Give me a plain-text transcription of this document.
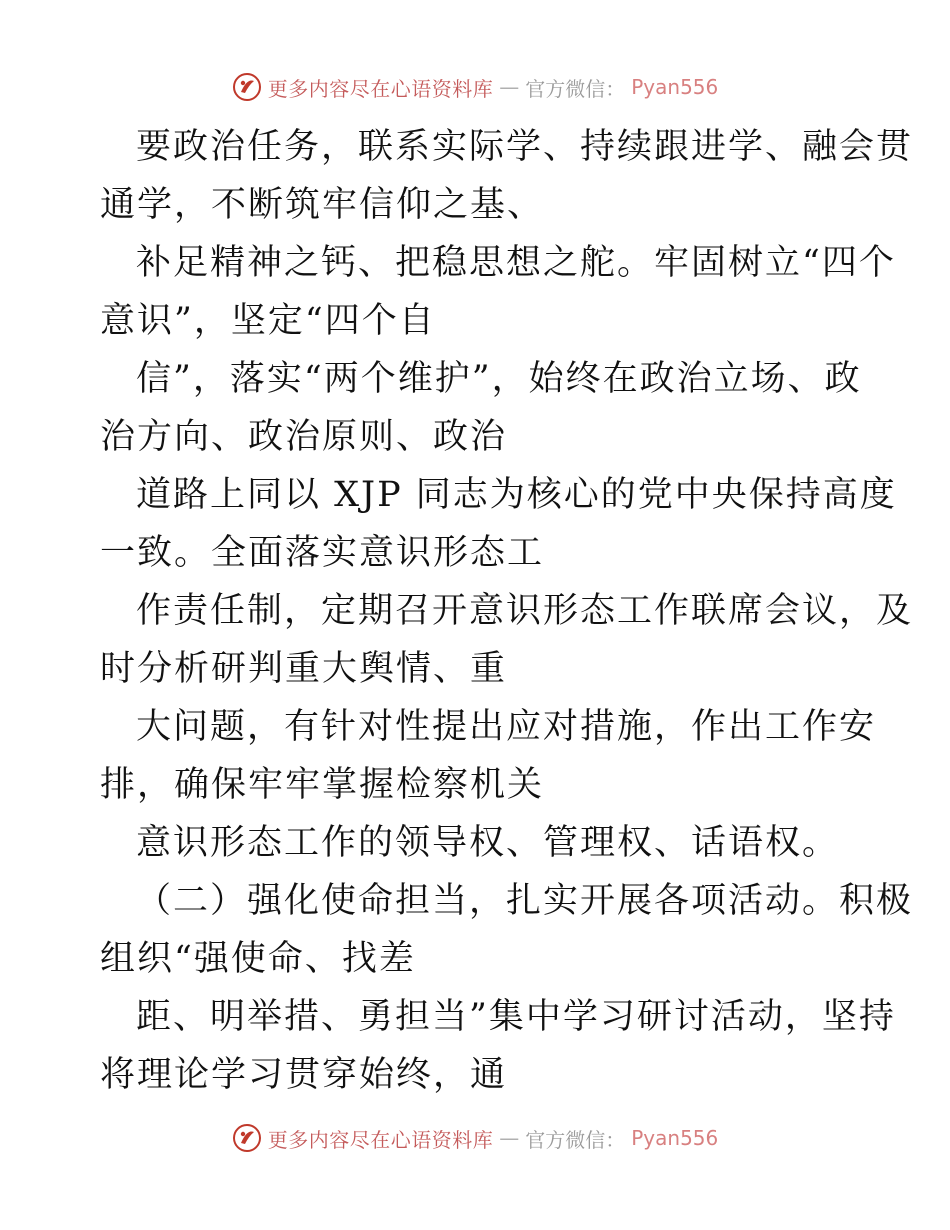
更多内容尽在心语资料库 — 官方微信： Pyan556
要政治任务，联系实际学、持续跟进学、融会贯
通学，不断筑牢信仰之基、
补足精神之钙、把稳思想之舵。牢固树立“四个
意识”，坚定“四个自
信”，落实“两个维护”，始终在政治立场、政
治方向、政治原则、政治
道路上同以 XJP 同志为核心的党中央保持高度
一致。全面落实意识形态工
作责任制，定期召开意识形态工作联席会议，及
时分析研判重大舆情、重
大问题，有针对性提出应对措施，作出工作安
排，确保牢牢掌握检察机关
意识形态工作的领导权、管理权、话语权。
（二）强化使命担当，扎实开展各项活动。积极
组织“强使命、找差
距、明举措、勇担当”集中学习研讨活动，坚持
将理论学习贯穿始终，通
更多内容尽在心语资料库 — 官方微信： Pyan556
